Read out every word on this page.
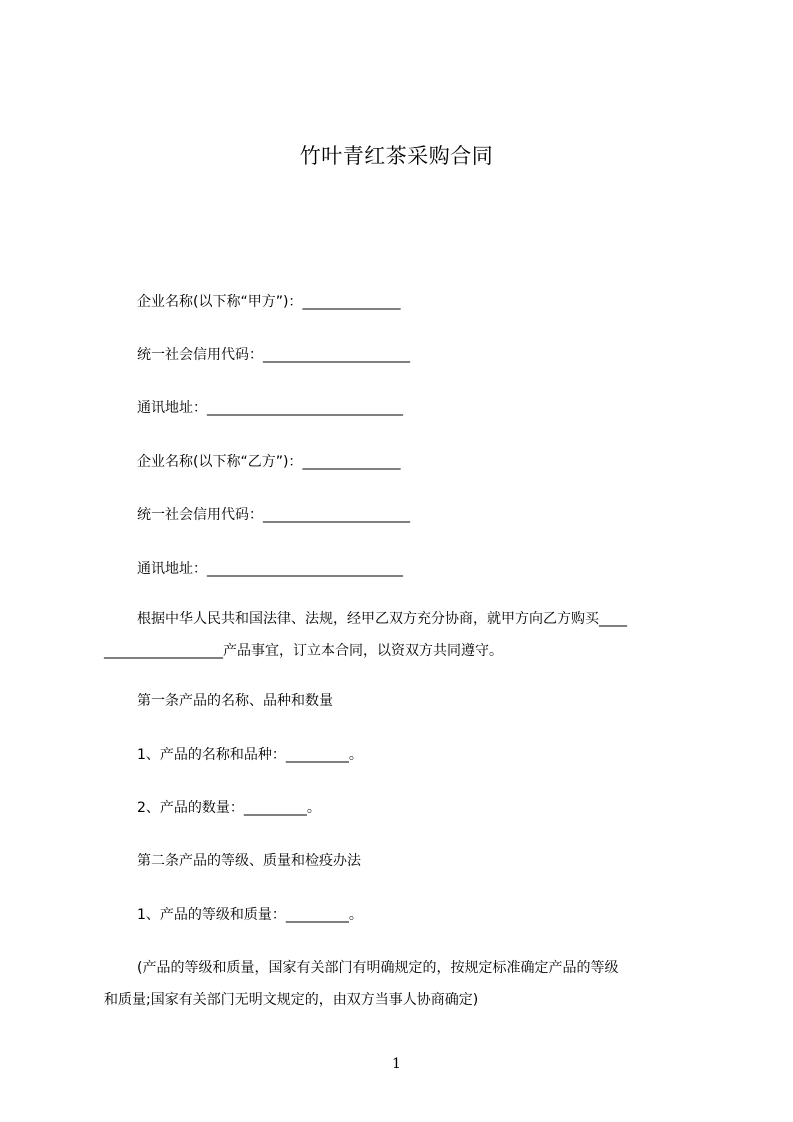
竹叶青红茶采购合同
企业名称(以下称“甲方”)：______________
统一社会信用代码：_____________________
通讯地址：____________________________
企业名称(以下称“乙方”)：______________
统一社会信用代码：_____________________
通讯地址：____________________________
根据中华人民共和国法律、法规，经甲乙双方充分协商，就甲方向乙方购买____
_________________产品事宜，订立本合同，以资双方共同遵守。
第一条产品的名称、品种和数量
1、产品的名称和品种：_________。
2、产品的数量：_________。
第二条产品的等级、质量和检疫办法
1、产品的等级和质量：_________。
(产品的等级和质量，国家有关部门有明确规定的，按规定标准确定产品的等级
和质量;国家有关部门无明文规定的，由双方当事人协商确定)
1
